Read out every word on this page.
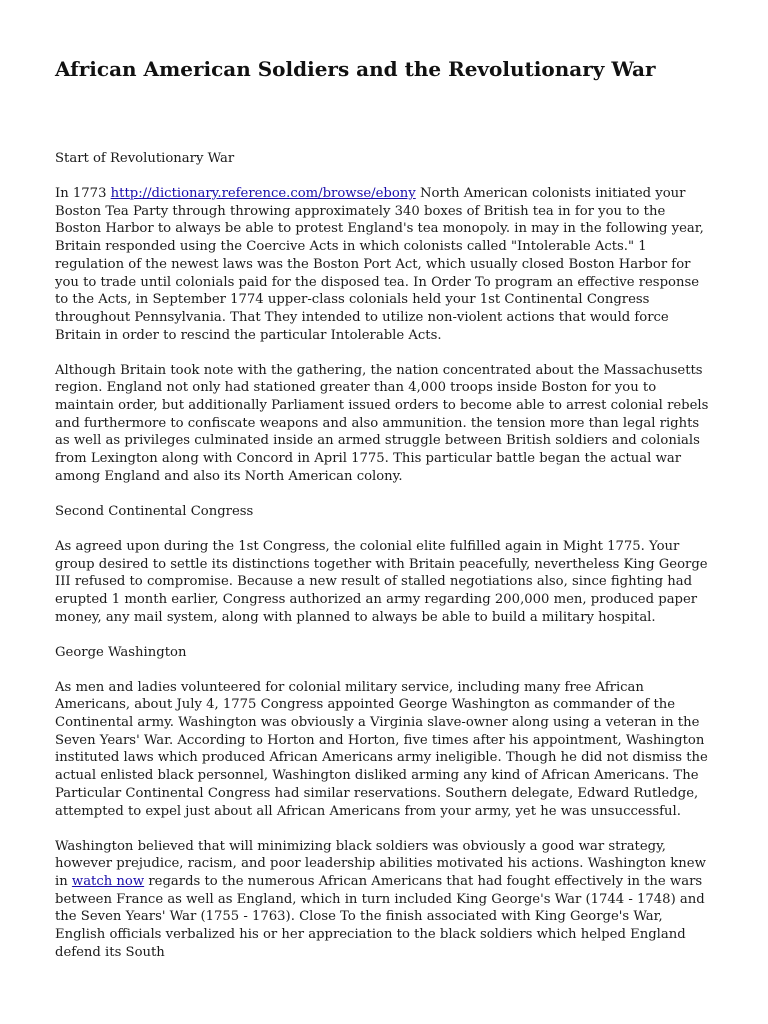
African American Soldiers and the Revolutionary War

Start of Revolutionary War

In 1773 http://dictionary.reference.com/browse/ebony North American colonists initiated your Boston Tea Party through throwing approximately 340 boxes of British tea in for you to the Boston Harbor to always be able to protest England's tea monopoly. in may in the following year, Britain responded using the Coercive Acts in which colonists called "Intolerable Acts." 1 regulation of the newest laws was the Boston Port Act, which usually closed Boston Harbor for you to trade until colonials paid for the disposed tea. In Order To program an effective response to the Acts, in September 1774 upper-class colonials held your 1st Continental Congress throughout Pennsylvania. That They intended to utilize non-violent actions that would force Britain in order to rescind the particular Intolerable Acts.

Although Britain took note with the gathering, the nation concentrated about the Massachusetts region. England not only had stationed greater than 4,000 troops inside Boston for you to maintain order, but additionally Parliament issued orders to become able to arrest colonial rebels and furthermore to confiscate weapons and also ammunition. the tension more than legal rights as well as privileges culminated inside an armed struggle between British soldiers and colonials from Lexington along with Concord in April 1775. This particular battle began the actual war among England and also its North American colony.

Second Continental Congress

As agreed upon during the 1st Congress, the colonial elite fulfilled again in Might 1775. Your group desired to settle its distinctions together with Britain peacefully, nevertheless King George III refused to compromise. Because a new result of stalled negotiations also, since fighting had erupted 1 month earlier, Congress authorized an army regarding 200,000 men, produced paper money, any mail system, along with planned to always be able to build a military hospital.

George Washington

As men and ladies volunteered for colonial military service, including many free African Americans, about July 4, 1775 Congress appointed George Washington as commander of the Continental army. Washington was obviously a Virginia slave-owner along using a veteran in the Seven Years' War. According to Horton and Horton, five times after his appointment, Washington instituted laws which produced African Americans army ineligible. Though he did not dismiss the actual enlisted black personnel, Washington disliked arming any kind of African Americans. The Particular Continental Congress had similar reservations. Southern delegate, Edward Rutledge, attempted to expel just about all African Americans from your army, yet he was unsuccessful.

Washington believed that will minimizing black soldiers was obviously a good war strategy, however prejudice, racism, and poor leadership abilities motivated his actions. Washington knew in watch now regards to the numerous African Americans that had fought effectively in the wars between France as well as England, which in turn included King George's War (1744 - 1748) and the Seven Years' War (1755 - 1763). Close To the finish associated with King George's War, English officials verbalized his or her appreciation to the black soldiers which helped England defend its South
